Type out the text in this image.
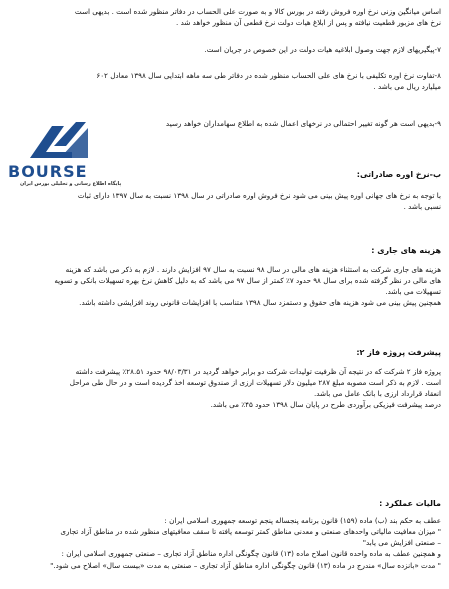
اساس میانگین وزنی نرخ اوره فروش رفته در بورس کالا و به صورت علی الحساب در دفاتر منظور شده است . بدیهی است
نرخ های مزبور قطعیت نیافته و پس از ابلاغ هیات دولت نرخ قطعی آن منظور خواهد شد .
۷-پیگیریهای لازم جهت وصول ابلاغیه هیات دولت در این خصوص در جریان است.
۸-تفاوت نرخ اوره تکلیفی با نرخ های علی الحساب منظور شده در دفاتر طی سه ماهه ابتدایی سال ۱۳۹۸ معادل ۶۰۲
میلیارد ریال می باشد .
۹-بدیهی است هر گونه تغییر احتمالی در نرخهای اعمال شده به اطلاع سهامداران خواهد رسید
BOURSE
پایگاه اطلاع رسانی و تحلیلی بورس ایران
ب-نرخ اوره صادراتی:
با توجه به نرخ های جهانی اوره پیش بینی می شود نرخ فروش اوره صادراتی در سال ۱۳۹۸ نسبت به سال ۱۳۹۷ دارای ثبات
نسبی باشد .
هزینه های جاری :
هزینه های جاری شرکت به استثناء هزینه های مالی در سال ۹۸ نسبت به سال ۹۷ افزایش دارند . لازم به ذکر می باشد که هزینه
های مالی در نظر گرفته شده برای سال ۹۸ حدود ۷٪ کمتر از سال ۹۷ می باشد که به دلیل کاهش نرخ بهره تسهیلات بانکی و تسویه
تسهیلات می باشد.
همچنین پیش بینی می شود هزینه های حقوق و دستمزد سال ۱۳۹۸ متناسب با افزایشات قانونی روند افزایشی داشته باشد.
پیشرفت پروژه فاز ۲:
پروژه فاز ۲ شرکت که در نتیجه آن ظرفیت تولیدات شرکت دو برابر خواهد گردید در ۹۸/۰۳/۳۱ حدود ۲۸.۵۱٪ پیشرفت داشته
است . لازم به ذکر است مصوبه مبلغ ۲۸۷ میلیون دلار تسهیلات ارزی از صندوق توسعه اخذ گردیده است و در حال طی مراحل
انعقاد قرارداد ارزی با بانک عامل می باشد.
درصد پیشرفت فیزیکی برآوردی طرح در پایان سال ۱۳۹۸ حدود ۴۵٪ می باشد.
مالیات عملکرد :
عطف به حکم بند (ب) ماده (۱۵۹) قانون برنامه پنجساله پنجم توسعه جمهوری اسلامی ایران :
" میزان معافیت مالیاتی واحدهای صنعتی و معدنی مناطق کمتر توسعه یافته تا سقف معافیتهای منظور شده در مناطق آزاد تجاری
– صنعتی افزایش می یابد"
و همچنین عطف به ماده واحده قانون اصلاح ماده (۱۳) قانون چگونگی اداره مناطق آزاد تجاری – صنعتی جمهوری اسلامی ایران :
" مدت «بانزده سال» مندرج در ماده (۱۳) قانون چگونگی اداره مناطق آزاد تجاری – صنعتی به مدت «بیست سال» اصلاح می شود."
